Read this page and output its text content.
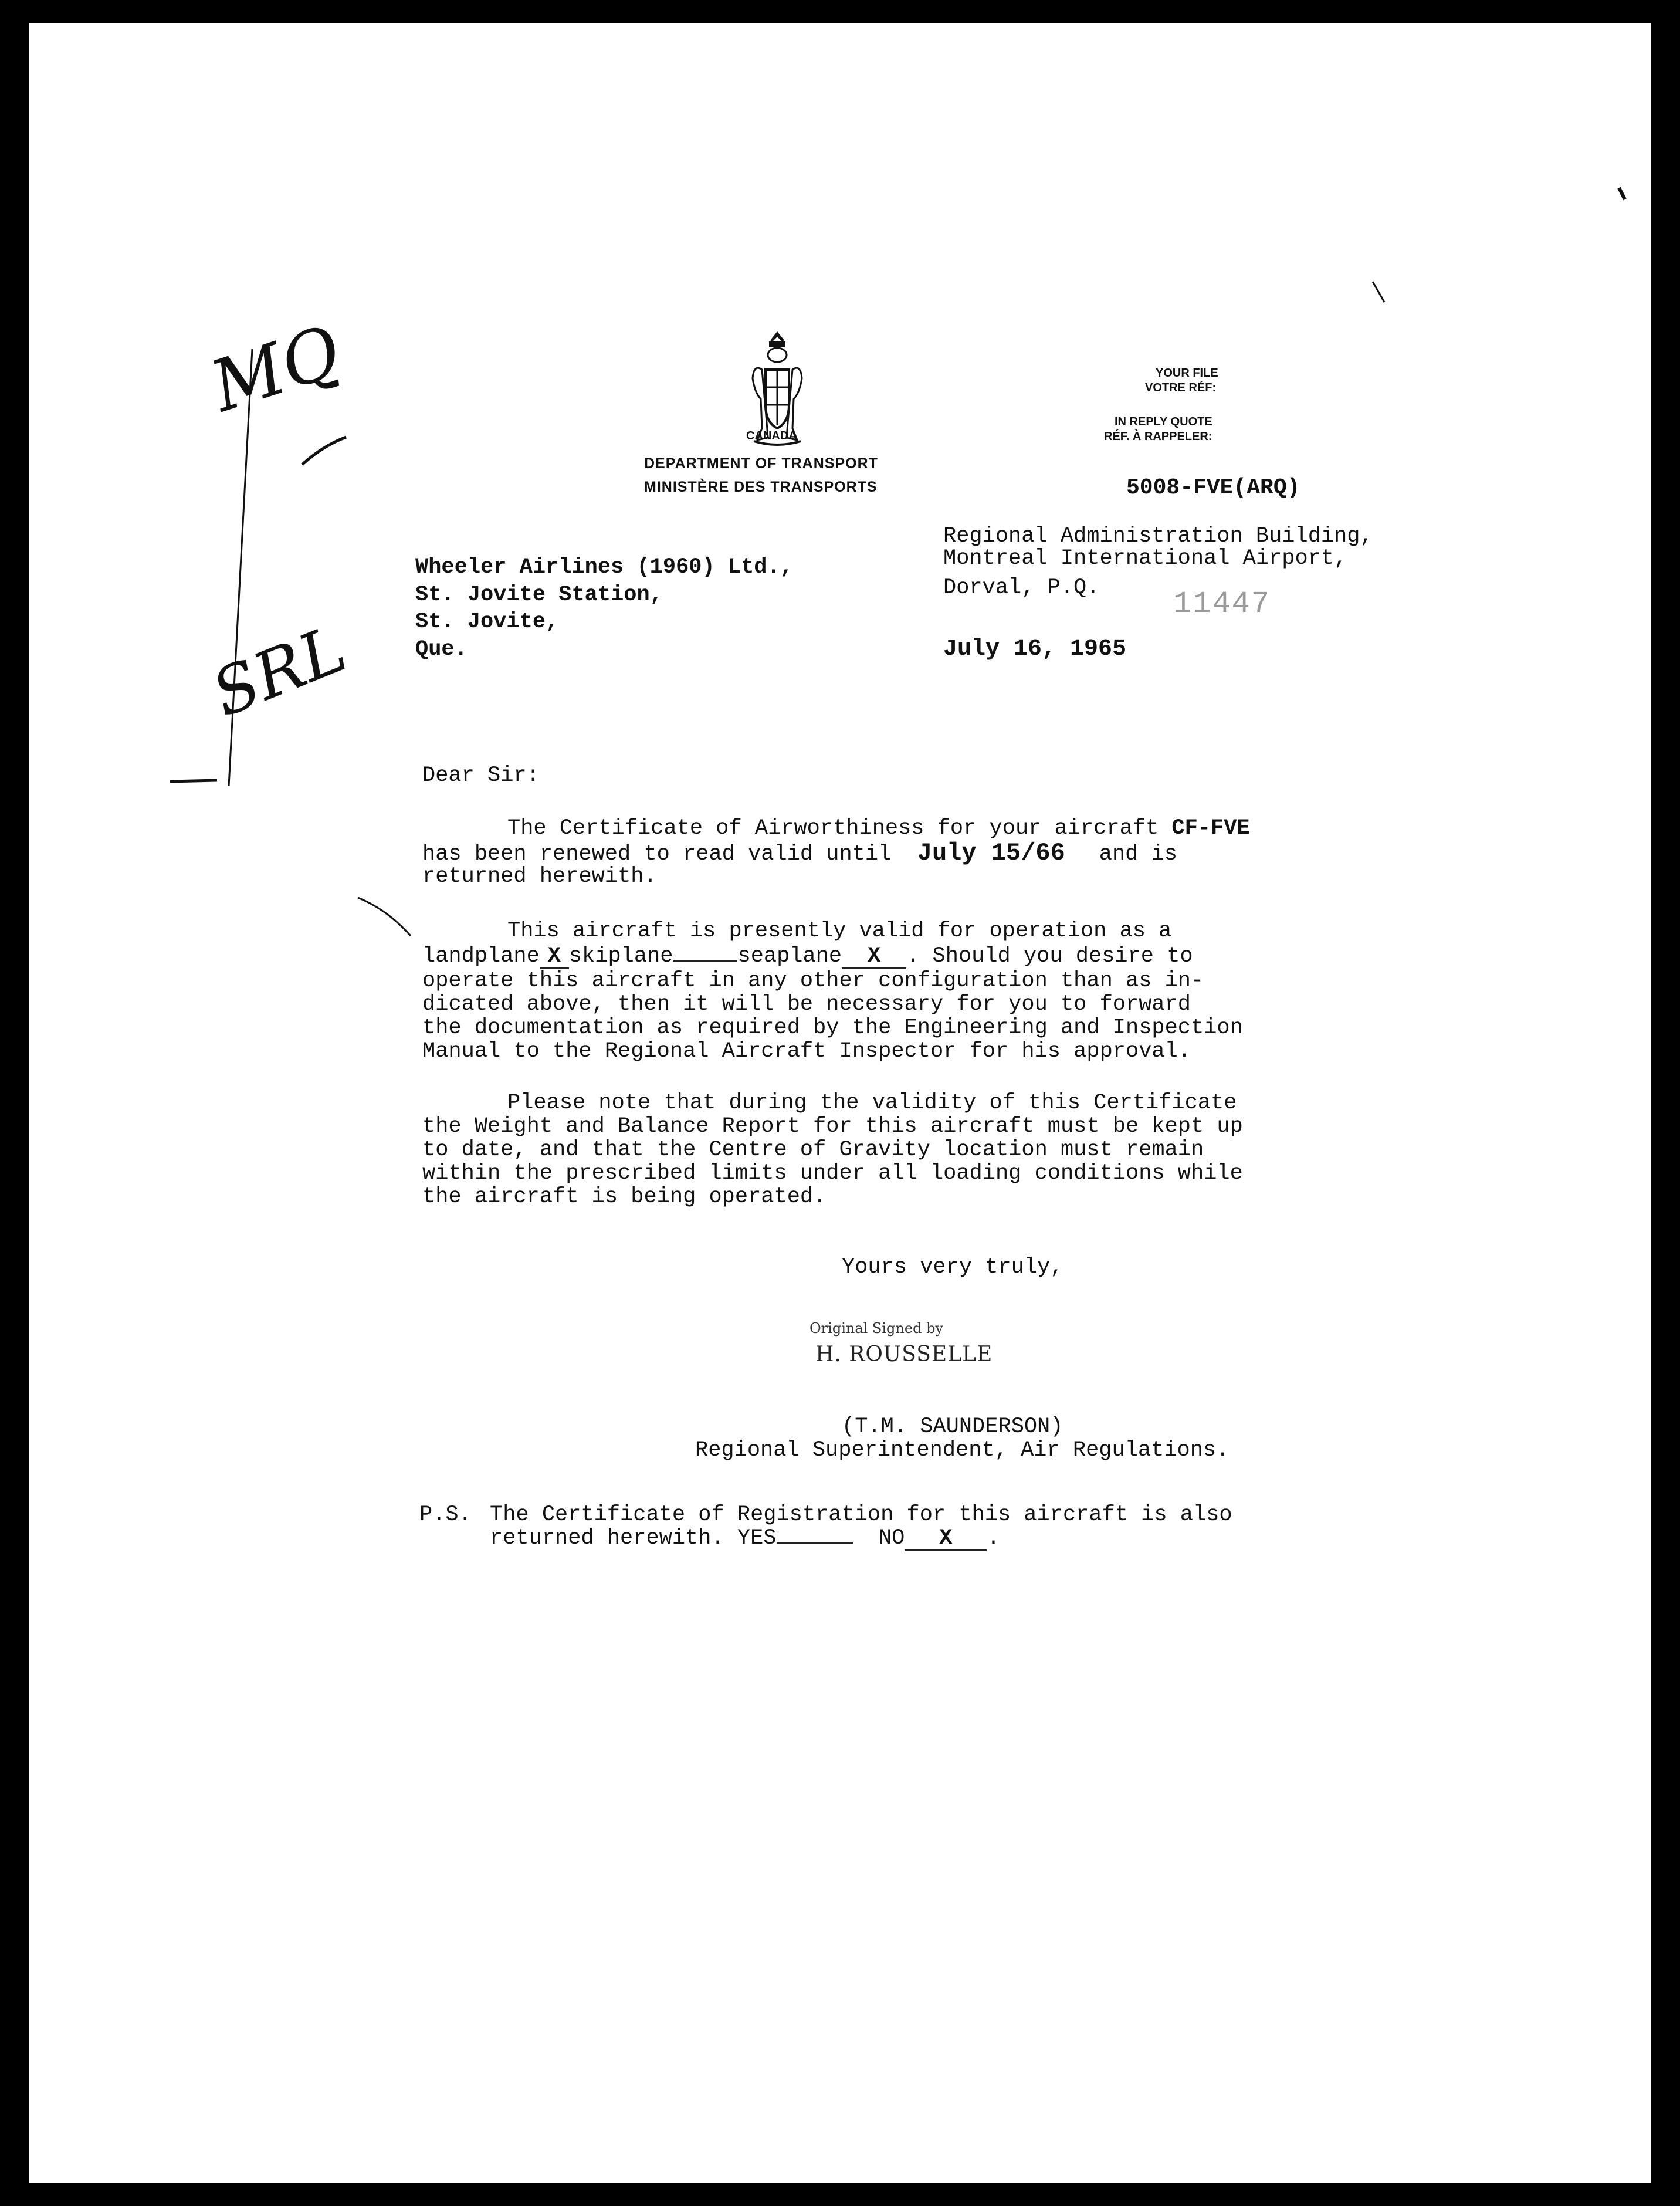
CANADA
DEPARTMENT OF TRANSPORT
MINISTÈRE DES TRANSPORTS
YOUR FILE
VOTRE RÉF:
IN REPLY QUOTE
RÉF. À RAPPELER:
5008-FVE(ARQ)
Regional Administration Building,
Montreal International Airport,
Dorval, P.Q. 11447
July 16, 1965
Wheeler Airlines (1960) Ltd.,
St. Jovite Station,
St. Jovite,
Que.
Dear Sir:
The Certificate of Airworthiness for your aircraft CF-FVE
has been renewed to read valid until July 15/66 and is
returned herewith.
This aircraft is presently valid for operation as a
landplane X skiplane	seaplane X . Should you desire to
operate this aircraft in any other configuration than as in-
dicated above, then it will be necessary for you to forward
the documentation as required by the Engineering and Inspection
Manual to the Regional Aircraft Inspector for his approval.
Please note that during the validity of this Certificate
the Weight and Balance Report for this aircraft must be kept up
to date, and that the Centre of Gravity location must remain
within the prescribed limits under all loading conditions while
the aircraft is being operated.
Yours very truly,
Original Signed by
H. ROUSSELLE
(T.M. SAUNDERSON)
Regional Superintendent, Air Regulations.
P.S. The Certificate of Registration for this aircraft is also
returned herewith. YES	NO X .
MQ
SRL
